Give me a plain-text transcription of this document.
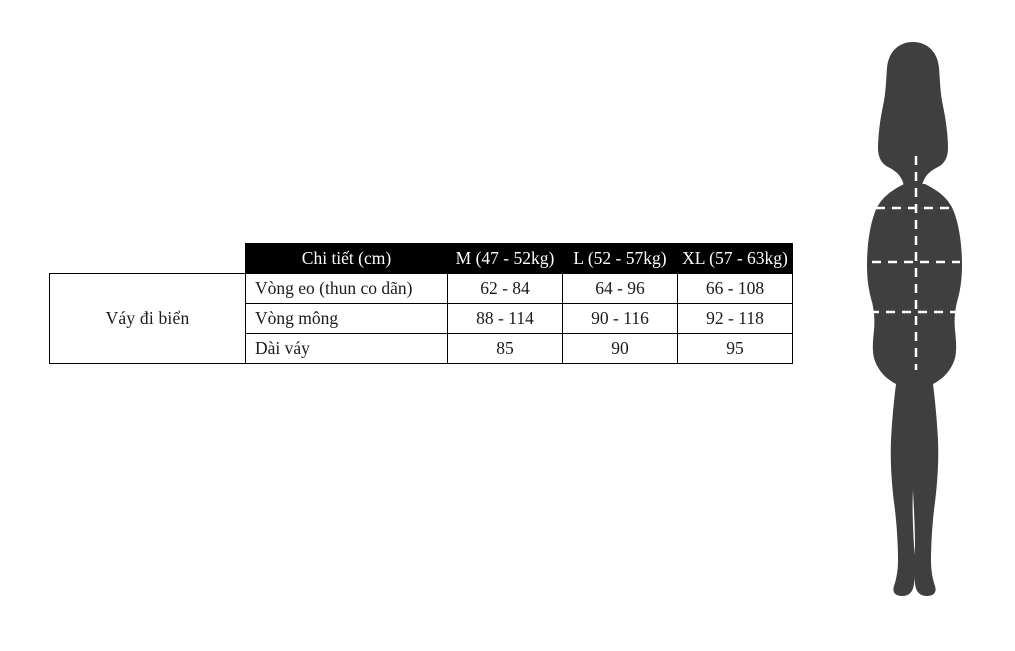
	Chi tiết (cm)	M (47 - 52kg)	L (52 - 57kg)	XL (57 - 63kg)
Váy đi biển	Vòng eo (thun co dãn)	62 - 84	64 - 96	66 - 108
	Vòng mông	88 - 114	90 - 116	92 - 118
	Dài váy	85	90	95
